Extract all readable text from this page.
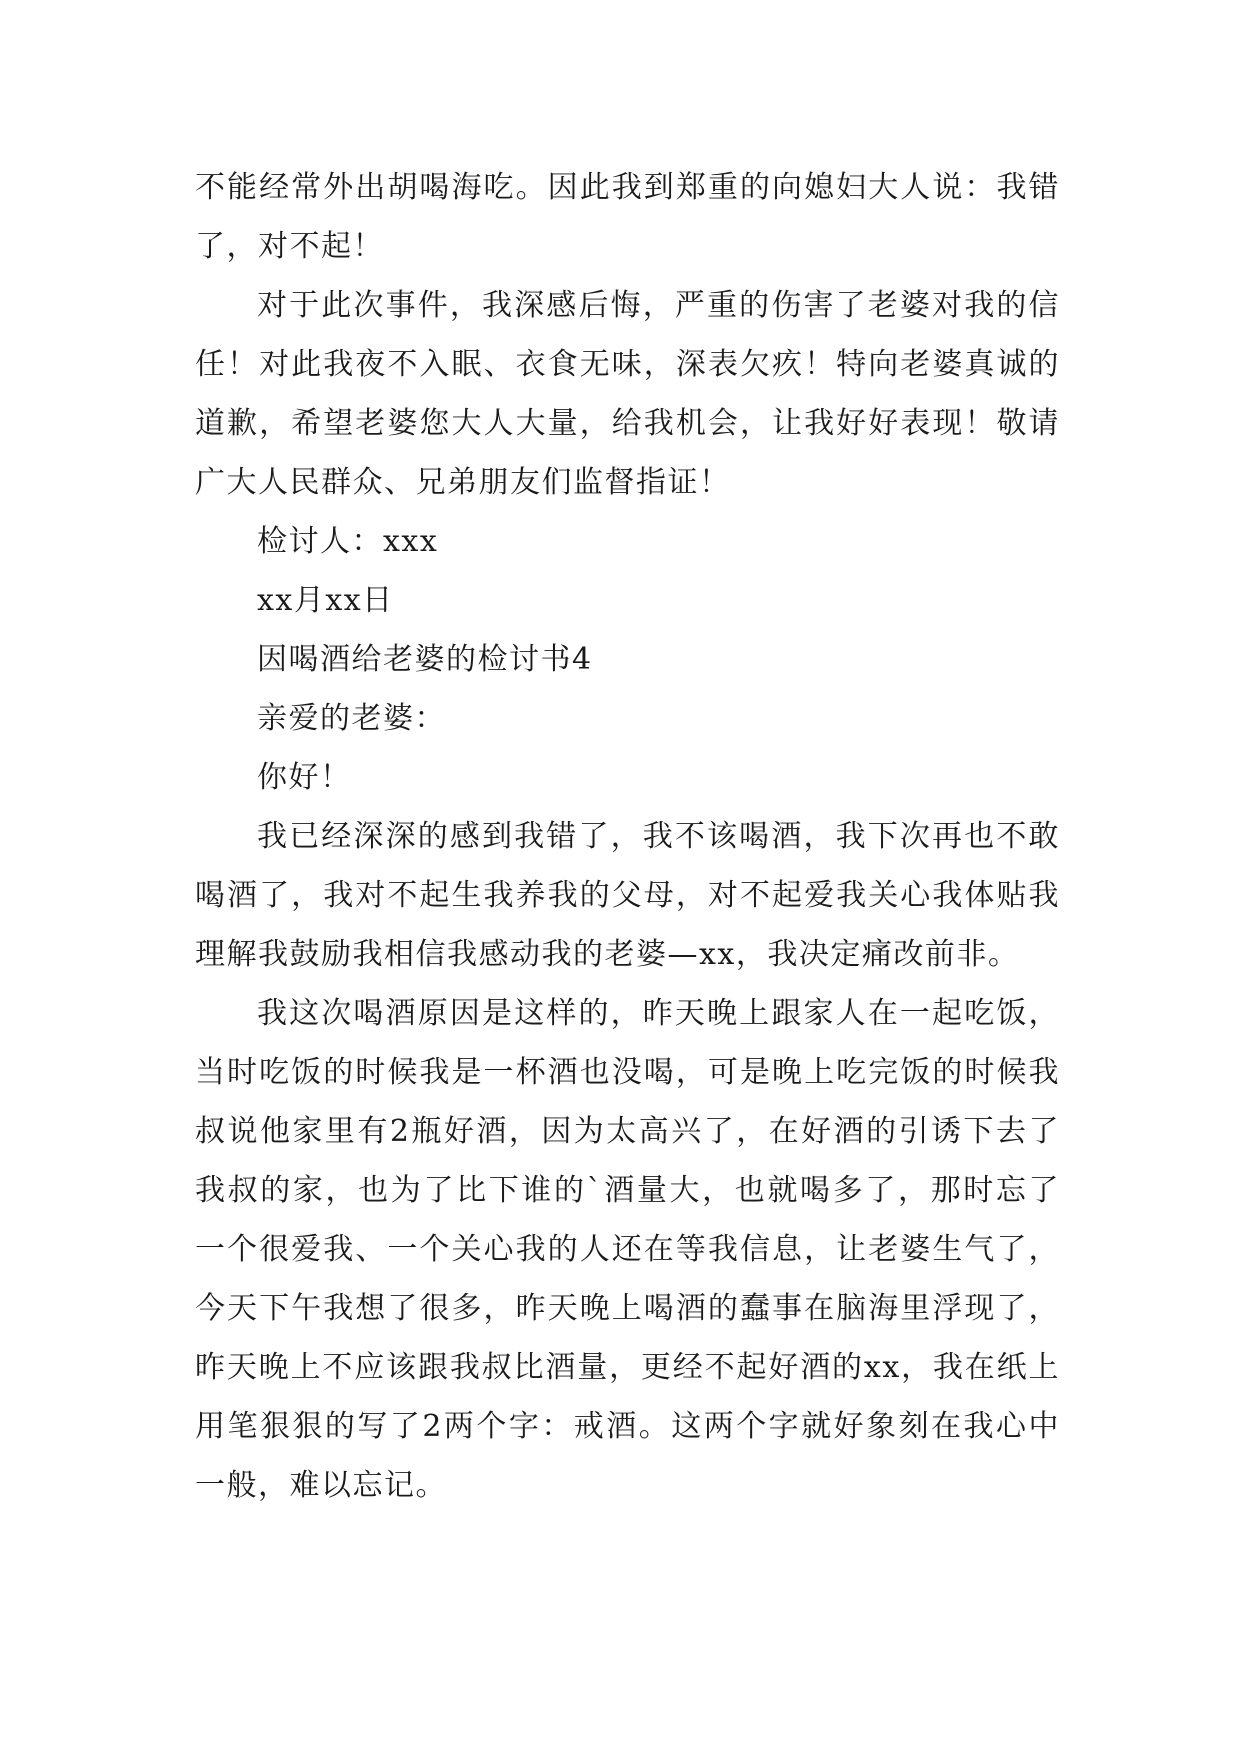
不能经常外出胡喝海吃。因此我到郑重的向媳妇大人说：我错了，对不起！

对于此次事件，我深感后悔，严重的伤害了老婆对我的信任！对此我夜不入眠、衣食无味，深表欠疚！特向老婆真诚的道歉，希望老婆您大人大量，给我机会，让我好好表现！敬请广大人民群众、兄弟朋友们监督指证！

检讨人：xxx

xx月xx日

因喝酒给老婆的检讨书4

亲爱的老婆：

你好！

我已经深深的感到我错了，我不该喝酒，我下次再也不敢喝酒了，我对不起生我养我的父母，对不起爱我关心我体贴我理解我鼓励我相信我感动我的老婆—xx，我决定痛改前非。

我这次喝酒原因是这样的，昨天晚上跟家人在一起吃饭，当时吃饭的时候我是一杯酒也没喝，可是晚上吃完饭的时候我叔说他家里有2瓶好酒，因为太高兴了，在好酒的引诱下去了我叔的家，也为了比下谁的`酒量大，也就喝多了，那时忘了一个很爱我、一个关心我的人还在等我信息，让老婆生气了，今天下午我想了很多，昨天晚上喝酒的蠢事在脑海里浮现了，昨天晚上不应该跟我叔比酒量，更经不起好酒的xx，我在纸上用笔狠狠的写了2两个字：戒酒。这两个字就好象刻在我心中一般，难以忘记。
